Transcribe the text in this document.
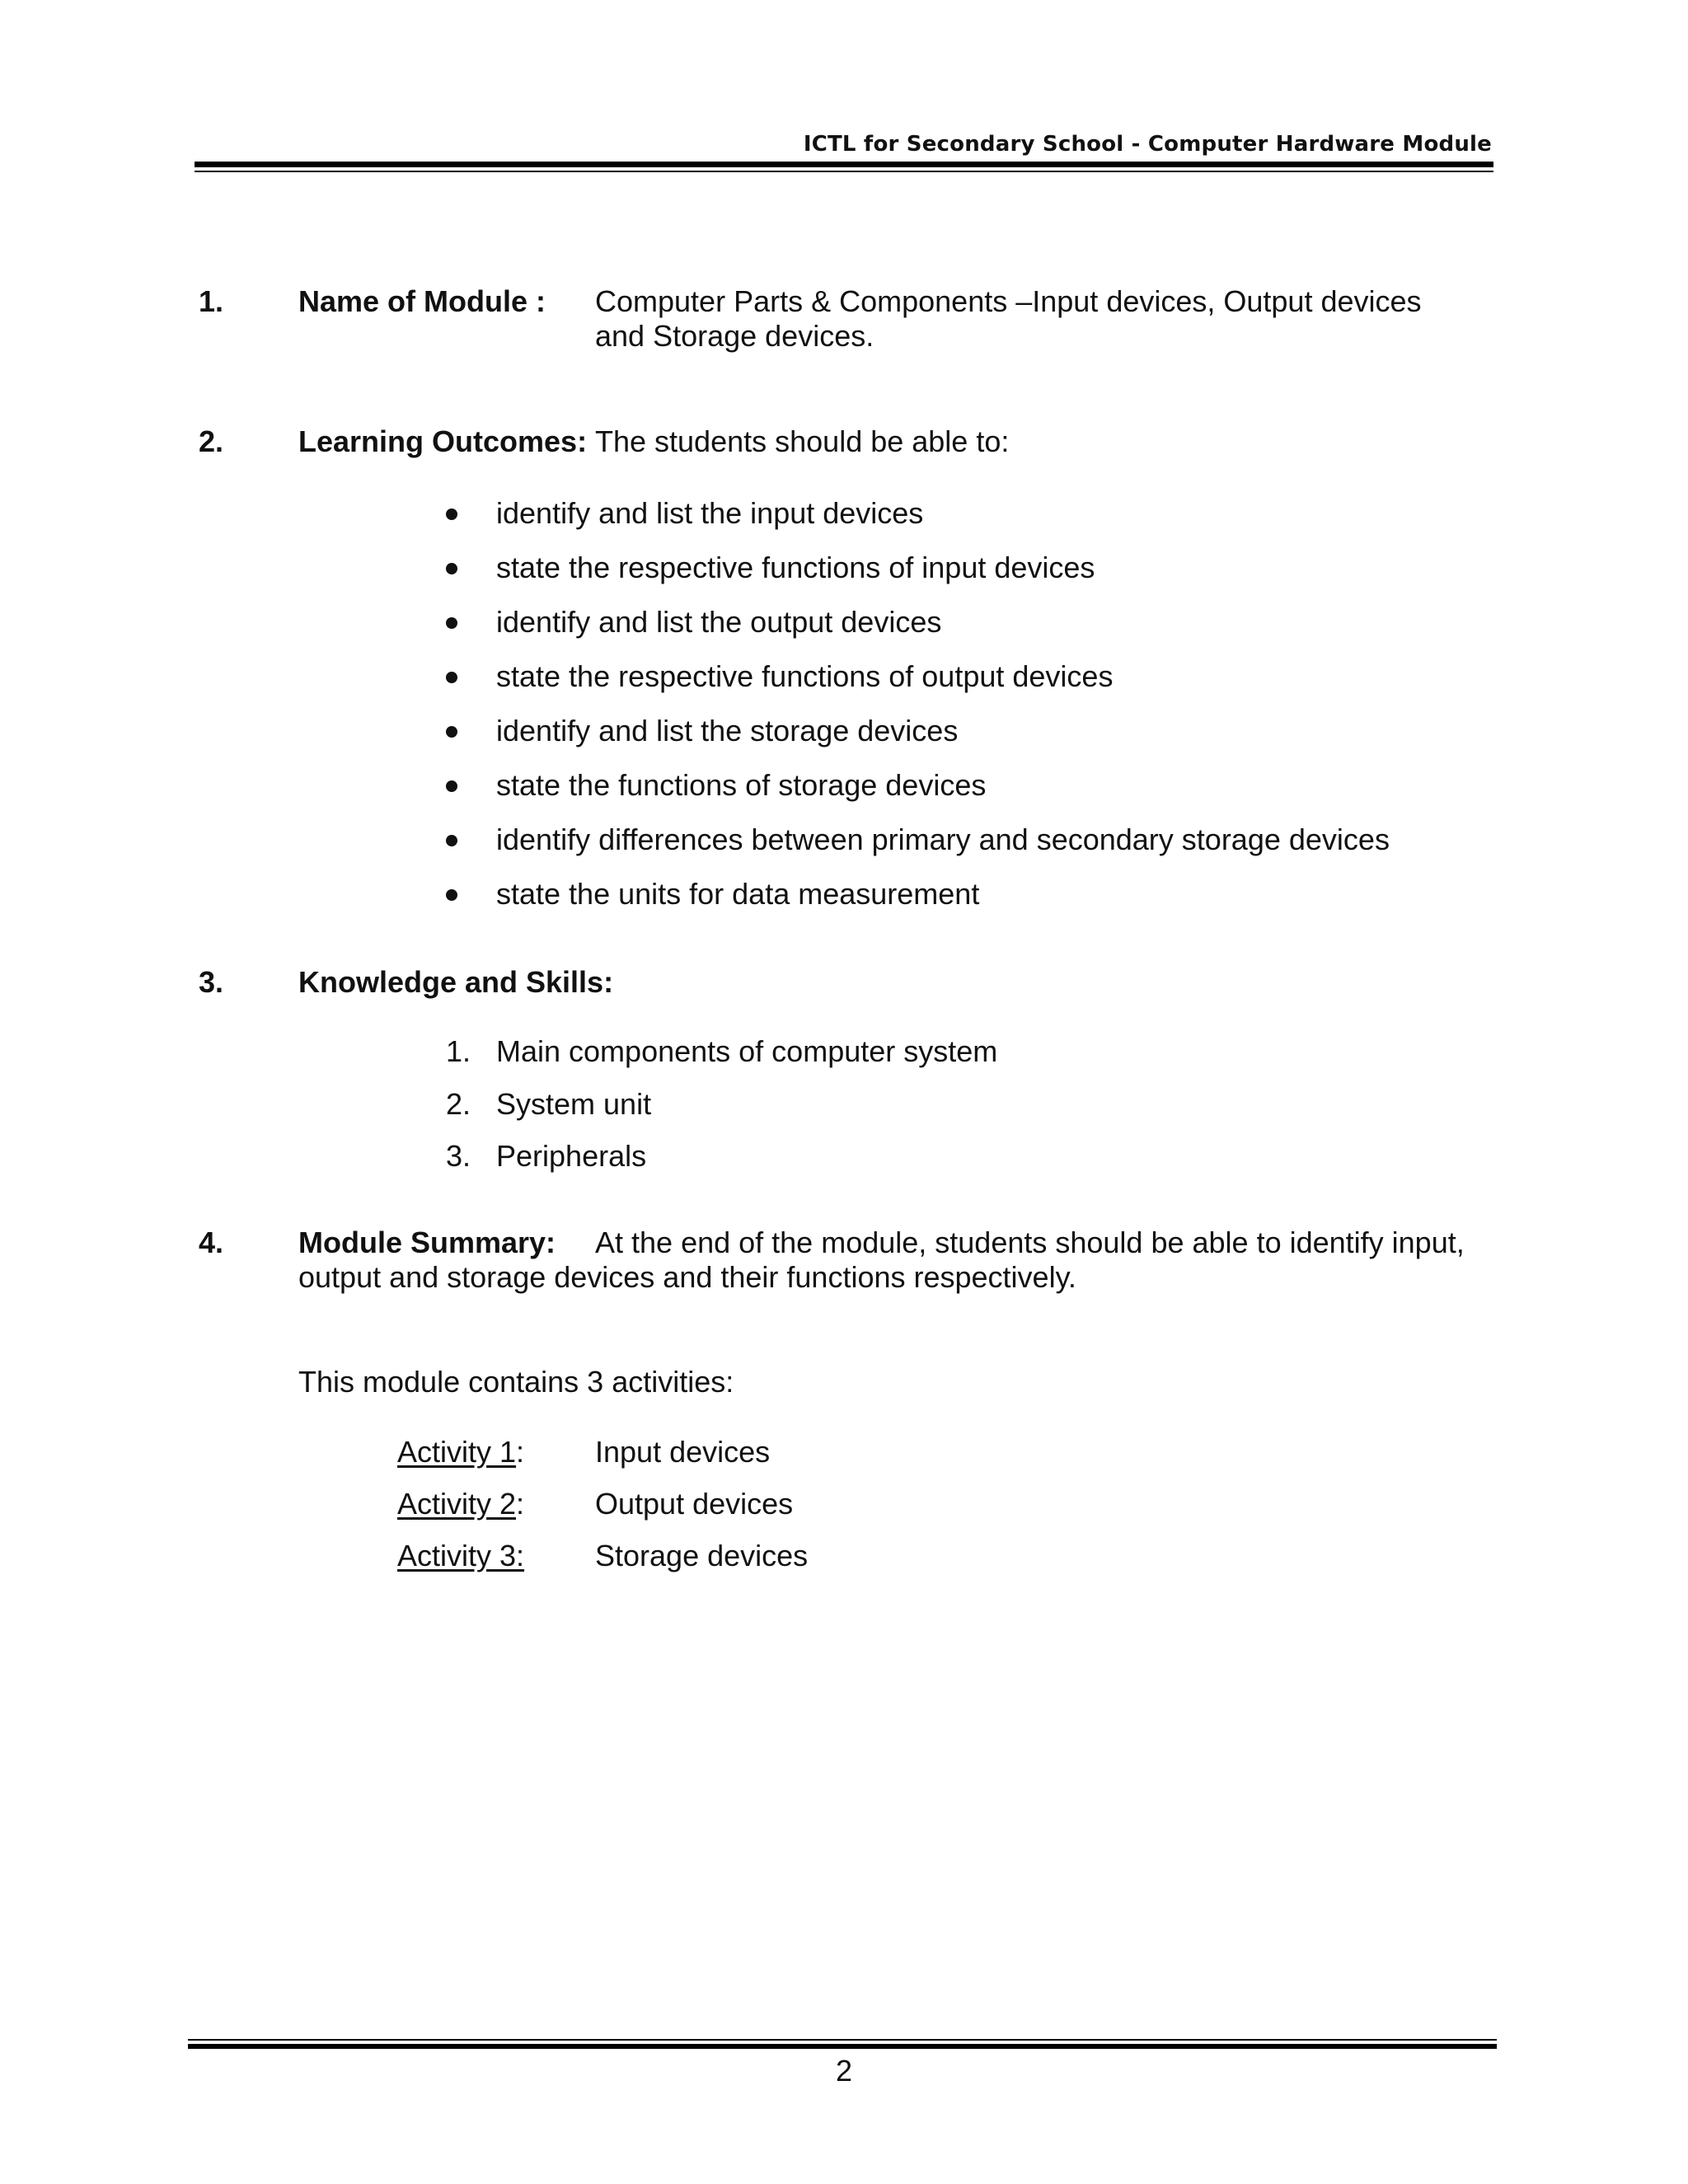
ICTL for Secondary School - Computer Hardware Module
1.	Name of Module : Computer Parts & Components –Input devices, Output devices
and Storage devices.
2.	Learning Outcomes: The students should be able to:
identify and list the input devices
state the respective functions of input devices
identify and list the output devices
state the respective functions of output devices
identify and list the storage devices
state the functions of storage devices
identify differences between primary and secondary storage devices
state the units for data measurement
3.	Knowledge and Skills:
1. Main components of computer system
2. System unit
3. Peripherals
4.	Module Summary: At the end of the module, students should be able to identify input,
output and storage devices and their functions respectively.
This module contains 3 activities:
Activity 1: Input devices
Activity 2: Output devices
Activity 3: Storage devices
2
